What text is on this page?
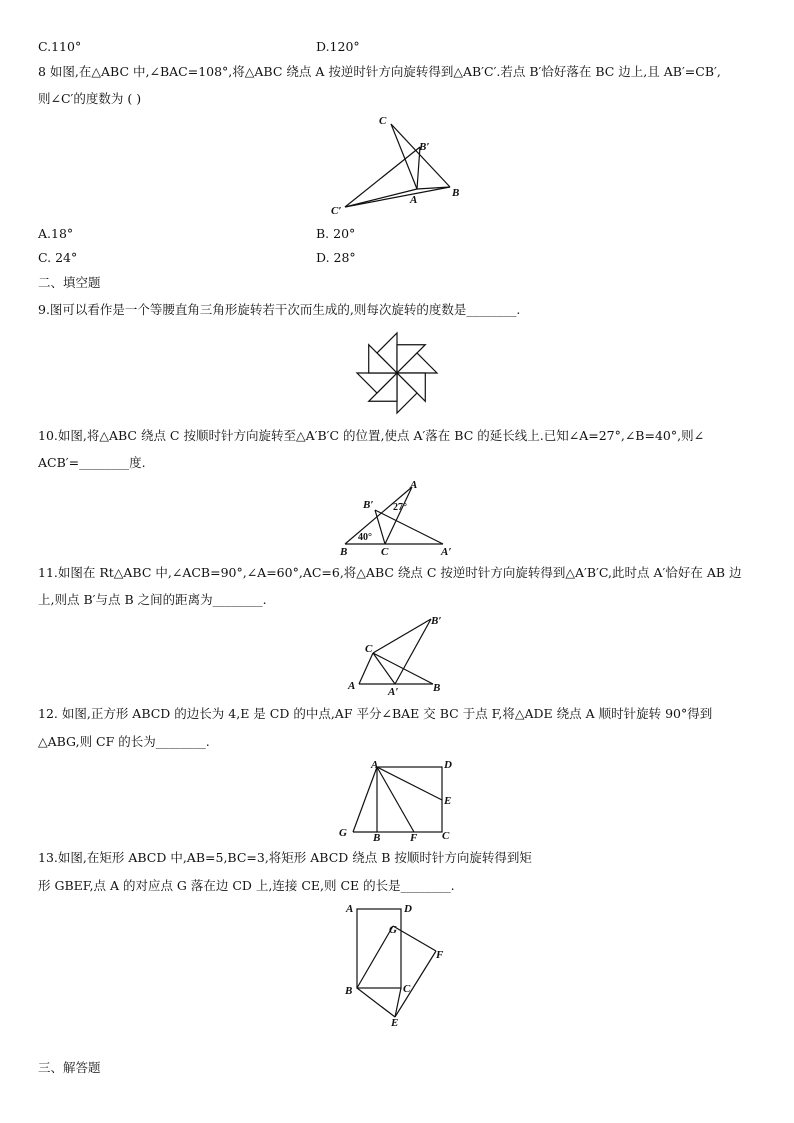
C.110°	D.120°
8 如图,在△ABC 中,∠BAC=108°,将△ABC 绕点 A 按逆时针方向旋转得到△AB′C′.若点 B′恰好落在 BC 边上,且 AB′=CB′,
则∠C′的度数为 ( )
C
B′
B
A
C′
A.18°	B. 20°
C. 24°	D. 28°
二、填空题
9.图可以看作是一个等腰直角三角形旋转若干次而生成的,则每次旋转的度数是________.
10.如图,将△ABC 绕点 C 按顺时针方向旋转至△A′B′C 的位置,使点 A′落在 BC 的延长线上.已知∠A=27°,∠B=40°,则∠
ACB′=________度.
B′
A
27°
40°
B	C	A′
11.如图在 Rt△ABC 中,∠ACB=90°,∠A=60°,AC=6,将△ABC 绕点 C 按逆时针方向旋转得到△A′B′C,此时点 A′恰好在 AB 边
上,则点 B′与点 B 之间的距离为________.
C
B′
A	A′	B
12. 如图,正方形 ABCD 的边长为 4,E 是 CD 的中点,AF 平分∠BAE 交 BC 于点 F,将△ADE 绕点 A 顺时针旋转 90°得到
△ABG,则 CF 的长为________.
A	D
E
G B	F C
13.如图,在矩形 ABCD 中,AB=5,BC=3,将矩形 ABCD 绕点 B 按顺时针方向旋转得到矩
形 GBEF,点 A 的对应点 G 落在边 CD 上,连接 CE,则 CE 的长是________.
A	D
G
F
B	C
E
三、解答题
